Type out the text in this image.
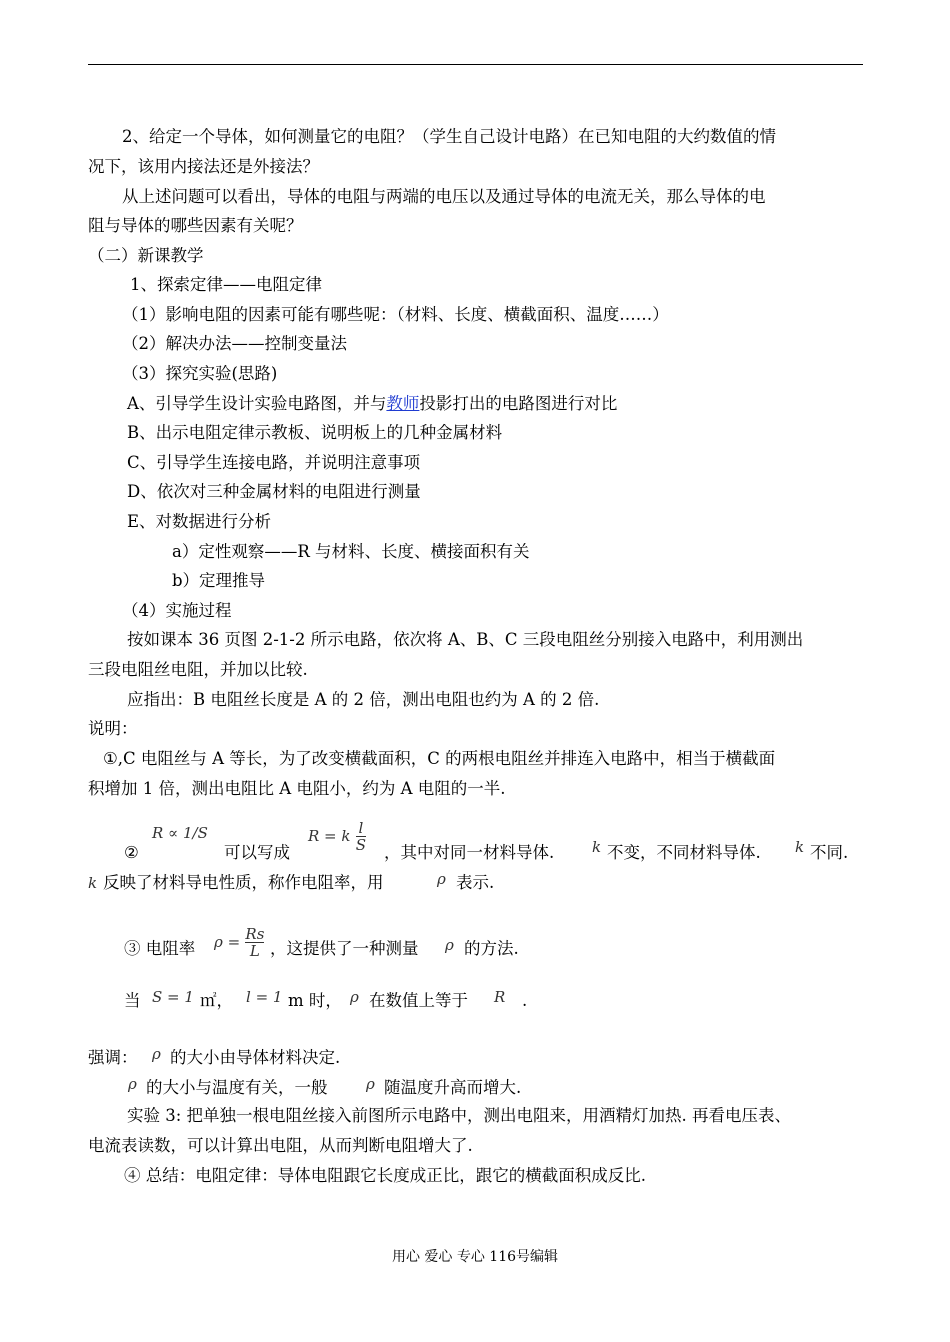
2、给定一个导体，如何测量它的电阻？（学生自己设计电路）在已知电阻的大约数值的情
况下，该用内接法还是外接法？
从上述问题可以看出，导体的电阻与两端的电压以及通过导体的电流无关，那么导体的电
阻与导体的哪些因素有关呢？
（二）新课教学
1、探索定律——电阻定律
（1）影响电阻的因素可能有哪些呢：（材料、长度、横截面积、温度……）
（2）解决办法——控制变量法
（3）探究实验(思路)
A、引导学生设计实验电路图，并与教师投影打出的电路图进行对比
B、出示电阻定律示教板、说明板上的几种金属材料
C、引导学生连接电路，并说明注意事项
D、依次对三种金属材料的电阻进行测量
E、对数据进行分析
a）定性观察——R 与材料、长度、横接面积有关
b）定理推导
（4）实施过程
按如课本 36 页图 2-1-2 所示电路，依次将 A、B、C 三段电阻丝分别接入电路中，利用测出
三段电阻丝电阻，并加以比较.
应指出：B 电阻丝长度是 A 的 2 倍，测出电阻也约为 A 的 2 倍.
说明：
①,C 电阻丝与 A 等长，为了改变横截面积，C 的两根电阻丝并排连入电路中，相当于横截面
积增加 1 倍，测出电阻比 A 电阻小，约为 A 电阻的一半.
②
R ∝ 1/S
可以写成
R = k $\frac{l}{S}$ ，其中对同一材料导体.	k 不变，不同材料导体. k 不同.
k 反映了材料导电性质，称作电阻率，用	ρ 表示.
③ 电阻率 $\rho = \frac{Rs}{L}$ ，这提供了一种测量 ρ 的方法.
当 S = 1 ㎡， l = 1 m 时， ρ 在数值上等于 R .
强调： ρ 的大小由导体材料决定.
ρ 的大小与温度有关，一般	ρ 随温度升高而增大.
实验 3: 把单独一根电阻丝接入前图所示电路中，测出电阻来，用酒精灯加热. 再看电压表、
电流表读数，可以计算出电阻，从而判断电阻增大了.
④ 总结：电阻定律：导体电阻跟它长度成正比，跟它的横截面积成反比.
用心 爱心 专心 116号编辑
